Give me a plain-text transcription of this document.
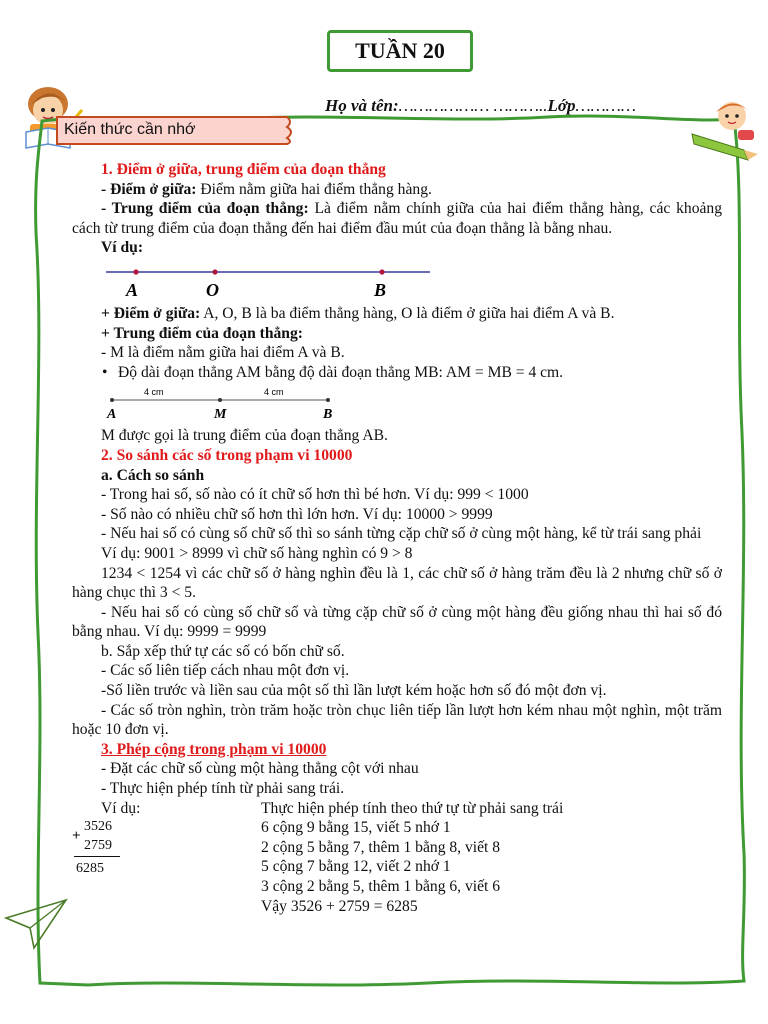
TUẦN 20
Họ và tên:……………… ………..Lớp…………
Kiến thức cần nhớ

1. Điểm ở giữa, trung điểm của đoạn thẳng

- Điểm ở giữa: Điểm nằm giữa hai điểm thẳng hàng.

- Trung điểm của đoạn thẳng: Là điểm nằm chính giữa của hai điểm thẳng hàng, các khoảng cách từ trung điểm của đoạn thẳng đến hai điểm đầu mút của đoạn thẳng là bằng nhau.

Ví dụ:

A	O	B

+ Điểm ở giữa: A, O, B là ba điểm thẳng hàng, O là điểm ở giữa hai điểm A và B.

+ Trung điểm của đoạn thẳng:

- M là điểm nằm giữa hai điểm A và B.

• Độ dài đoạn thẳng AM bằng độ dài đoạn thẳng MB: AM = MB = 4 cm.

4 cm	4 cm
A	M	B

M được gọi là trung điểm của đoạn thẳng AB.

2. So sánh các số trong phạm vi 10000

a. Cách so sánh

- Trong hai số, số nào có ít chữ số hơn thì bé hơn. Ví dụ: 999 < 1000

- Số nào có nhiều chữ số hơn thì lớn hơn. Ví dụ: 10000 > 9999

- Nếu hai số có cùng số chữ số thì so sánh từng cặp chữ số ở cùng một hàng, kể từ trái sang phải

Ví dụ: 9001 > 8999 vì chữ số hàng nghìn có 9 > 8

1234 < 1254 vì các chữ số ở hàng nghìn đều là 1, các chữ số ở hàng trăm đều là 2 nhưng chữ số ở hàng chục thì 3 < 5.

- Nếu hai số có cùng số chữ số và từng cặp chữ số ở cùng một hàng đều giống nhau thì hai số đó bằng nhau. Ví dụ: 9999 = 9999

b. Sắp xếp thứ tự các số có bốn chữ số.

- Các số liên tiếp cách nhau một đơn vị.

-Số liền trước và liền sau của một số thì lần lượt kém hoặc hơn số đó một đơn vị.

- Các số tròn nghìn, tròn trăm hoặc tròn chục liên tiếp lần lượt hơn kém nhau một nghìn, một trăm hoặc 10 đơn vị.

3. Phép cộng trong phạm vi 10000

- Đặt các chữ số cùng một hàng thẳng cột với nhau

- Thực hiện phép tính từ phải sang trái.

Ví dụ:
+
3526
2759
6285
Thực hiện phép tính theo thứ tự từ phải sang trái
6 cộng 9 bằng 15, viết 5 nhớ 1
2 cộng 5 bằng 7, thêm 1 bằng 8, viết 8
5 cộng 7 bằng 12, viết 2 nhớ 1
3 cộng 2 bằng 5, thêm 1 bằng 6, viết 6
Vậy 3526 + 2759 = 6285
